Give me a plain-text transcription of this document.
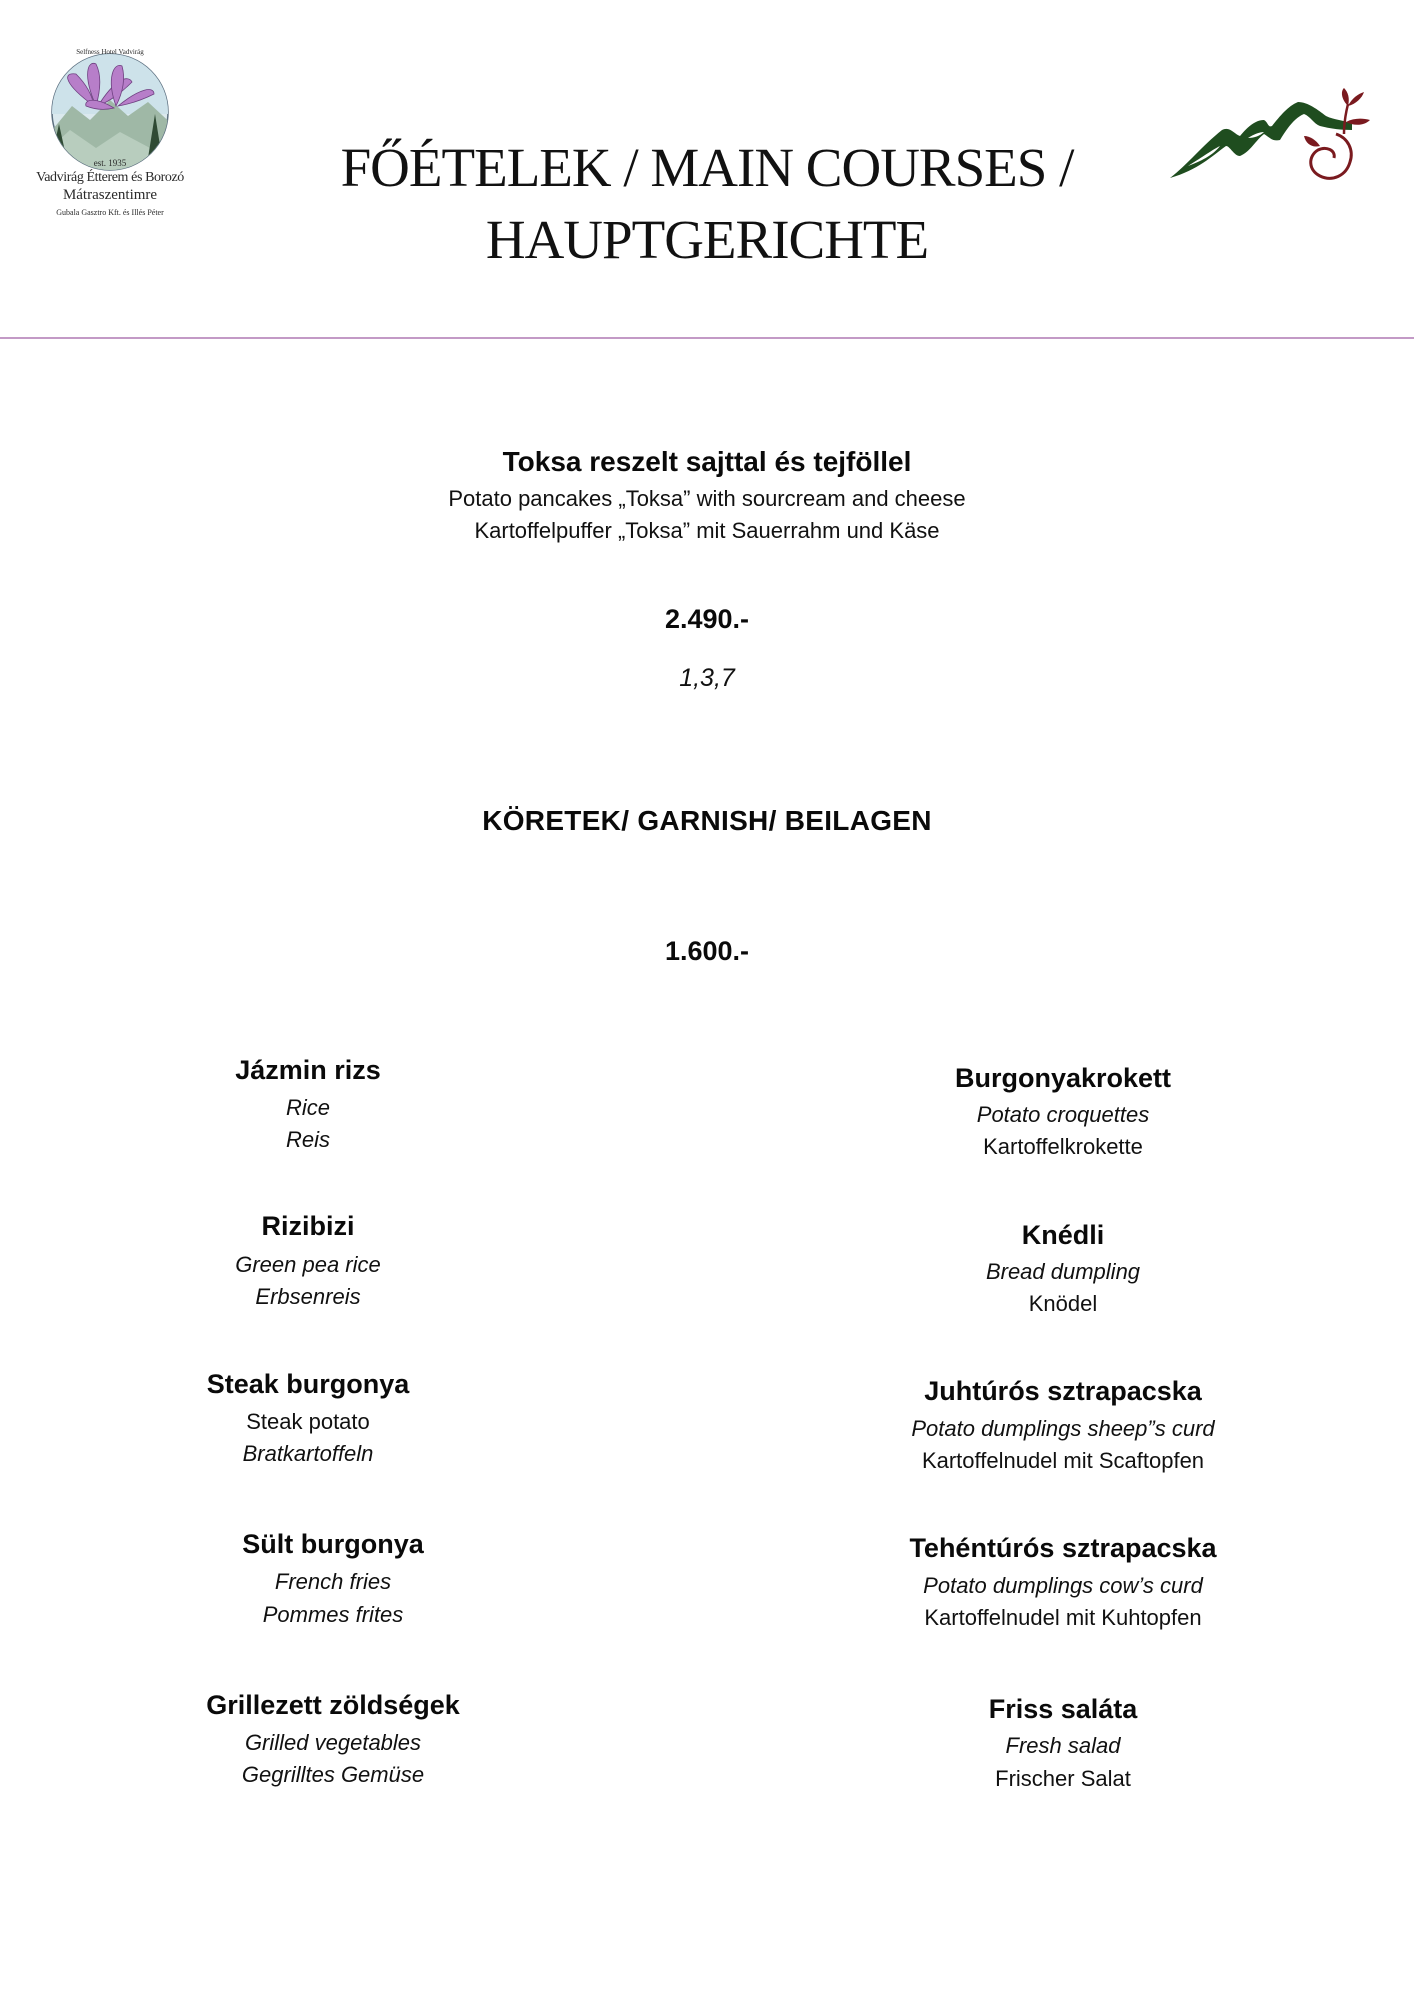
Selfness Hotel Vadvirág
est. 1935
Vadvirág Étterem és Borozó
Mátraszentimre
Gubala Gasztro Kft. és Illés Péter
FŐÉTELEK / MAIN COURSES /
HAUPTGERICHTE
Toksa reszelt sajttal és tejföllel
Potato pancakes „Toksa” with sourcream and cheese
Kartoffelpuffer „Toksa” mit Sauerrahm und Käse
2.490.-
1,3,7
KÖRETEK/ GARNISH/ BEILAGEN
1.600.-
Jázmin rizs
Rice
Reis
Rizibizi
Green pea rice
Erbsenreis
Steak burgonya
Steak potato
Bratkartoffeln
Sült burgonya
French fries
Pommes frites
Grillezett zöldségek
Grilled vegetables
Gegrilltes Gemüse
Burgonyakrokett
Potato croquettes
Kartoffelkrokette
Knédli
Bread dumpling
Knödel
Juhtúrós sztrapacska
Potato dumplings sheep”s curd
Kartoffelnudel mit Scaftopfen
Tehéntúrós sztrapacska
Potato dumplings cow’s curd
Kartoffelnudel mit Kuhtopfen
Friss saláta
Fresh salad
Frischer Salat
